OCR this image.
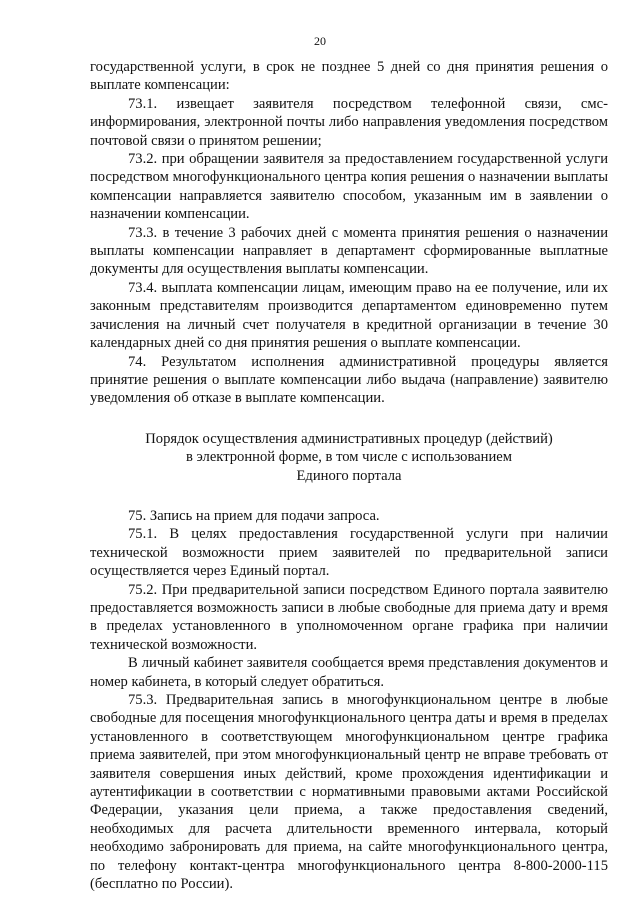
20

государственной услуги, в срок не позднее 5 дней со дня принятия решения о выплате компенсации:

73.1. извещает заявителя посредством телефонной связи, смс-информирования, электронной почты либо направления уведомления посредством почтовой связи о принятом решении;

73.2. при обращении заявителя за предоставлением государственной услуги посредством многофункционального центра копия решения о назначении выплаты компенсации направляется заявителю способом, указанным им в заявлении о назначении компенсации.

73.3. в течение 3 рабочих дней с момента принятия решения о назначении выплаты компенсации направляет в департамент сформированные выплатные документы для осуществления выплаты компенсации.

73.4. выплата компенсации лицам, имеющим право на ее получение, или их законным представителям производится департаментом единовременно путем зачисления на личный счет получателя в кредитной организации в течение 30 календарных дней со дня принятия решения о выплате компенсации.

74. Результатом исполнения административной процедуры является принятие решения о выплате компенсации либо выдача (направление) заявителю уведомления об отказе в выплате компенсации.

Порядок осуществления административных процедур (действий)
в электронной форме, в том числе с использованием
Единого портала

75. Запись на прием для подачи запроса.

75.1. В целях предоставления государственной услуги при наличии технической возможности прием заявителей по предварительной записи осуществляется через Единый портал.

75.2. При предварительной записи посредством Единого портала заявителю предоставляется возможность записи в любые свободные для приема дату и время в пределах установленного в уполномоченном органе графика при наличии технической возможности.

В личный кабинет заявителя сообщается время представления документов и номер кабинета, в который следует обратиться.

75.3. Предварительная запись в многофункциональном центре в любые свободные для посещения многофункционального центра даты и время в пределах установленного в соответствующем многофункциональном центре графика приема заявителей, при этом многофункциональный центр не вправе требовать от заявителя совершения иных действий, кроме прохождения идентификации и аутентификации в соответствии с нормативными правовыми актами Российской Федерации, указания цели приема, а также предоставления сведений, необходимых для расчета длительности временного интервала, который необходимо забронировать для приема, на сайте многофункционального центра, по телефону контакт-центра многофункционального центра 8-800-2000-115 (бесплатно по России).
